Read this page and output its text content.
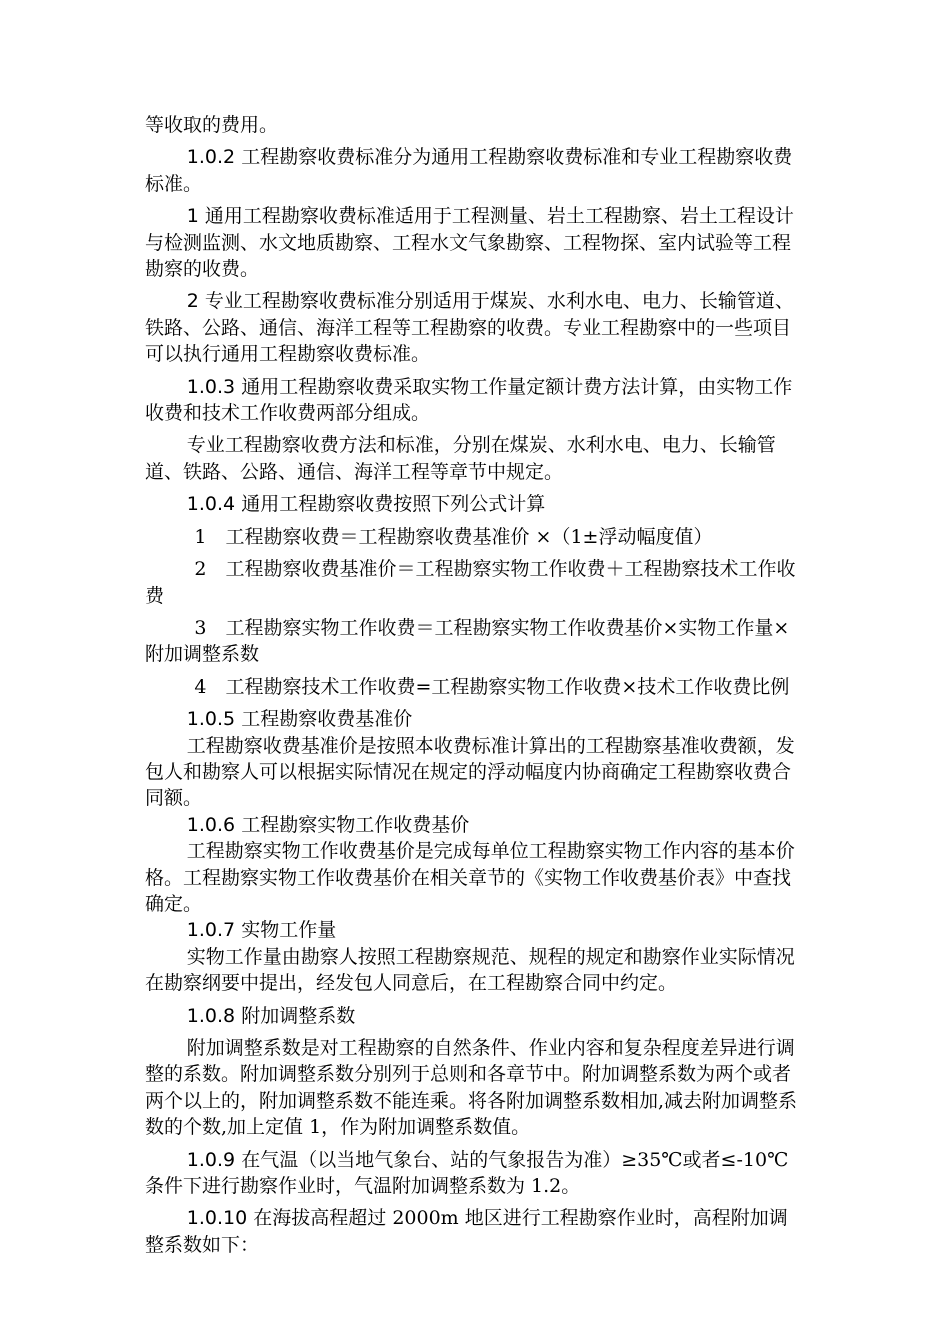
等收取的费用。

1.0.2 工程勘察收费标准分为通用工程勘察收费标准和专业工程勘察收费标准。

1 通用工程勘察收费标准适用于工程测量、岩土工程勘察、岩土工程设计与检测监测、水文地质勘察、工程水文气象勘察、工程物探、室内试验等工程勘察的收费。

2 专业工程勘察收费标准分别适用于煤炭、水利水电、电力、长输管道、铁路、公路、通信、海洋工程等工程勘察的收费。专业工程勘察中的一些项目可以执行通用工程勘察收费标准。

1.0.3 通用工程勘察收费采取实物工作量定额计费方法计算，由实物工作收费和技术工作收费两部分组成。

专业工程勘察收费方法和标准，分别在煤炭、水利水电、电力、长输管道、铁路、公路、通信、海洋工程等章节中规定。

1.0.4 通用工程勘察收费按照下列公式计算

1　工程勘察收费＝工程勘察收费基准价 ×（1±浮动幅度值）

2　工程勘察收费基准价＝工程勘察实物工作收费＋工程勘察技术工作收费

3　工程勘察实物工作收费＝工程勘察实物工作收费基价×实物工作量×附加调整系数

4　工程勘察技术工作收费=工程勘察实物工作收费×技术工作收费比例

1.0.5 工程勘察收费基准价

工程勘察收费基准价是按照本收费标准计算出的工程勘察基准收费额，发包人和勘察人可以根据实际情况在规定的浮动幅度内协商确定工程勘察收费合同额。

1.0.6 工程勘察实物工作收费基价

工程勘察实物工作收费基价是完成每单位工程勘察实物工作内容的基本价格。工程勘察实物工作收费基价在相关章节的《实物工作收费基价表》中查找确定。

1.0.7 实物工作量

实物工作量由勘察人按照工程勘察规范、规程的规定和勘察作业实际情况在勘察纲要中提出，经发包人同意后，在工程勘察合同中约定。

1.0.8 附加调整系数

附加调整系数是对工程勘察的自然条件、作业内容和复杂程度差异进行调整的系数。附加调整系数分别列于总则和各章节中。附加调整系数为两个或者两个以上的，附加调整系数不能连乘。将各附加调整系数相加,减去附加调整系数的个数,加上定值 1，作为附加调整系数值。

1.0.9 在气温（以当地气象台、站的气象报告为准）≥35℃或者≤-10℃条件下进行勘察作业时，气温附加调整系数为 1.2。

1.0.10 在海拔高程超过 2000m 地区进行工程勘察作业时，高程附加调整系数如下：
